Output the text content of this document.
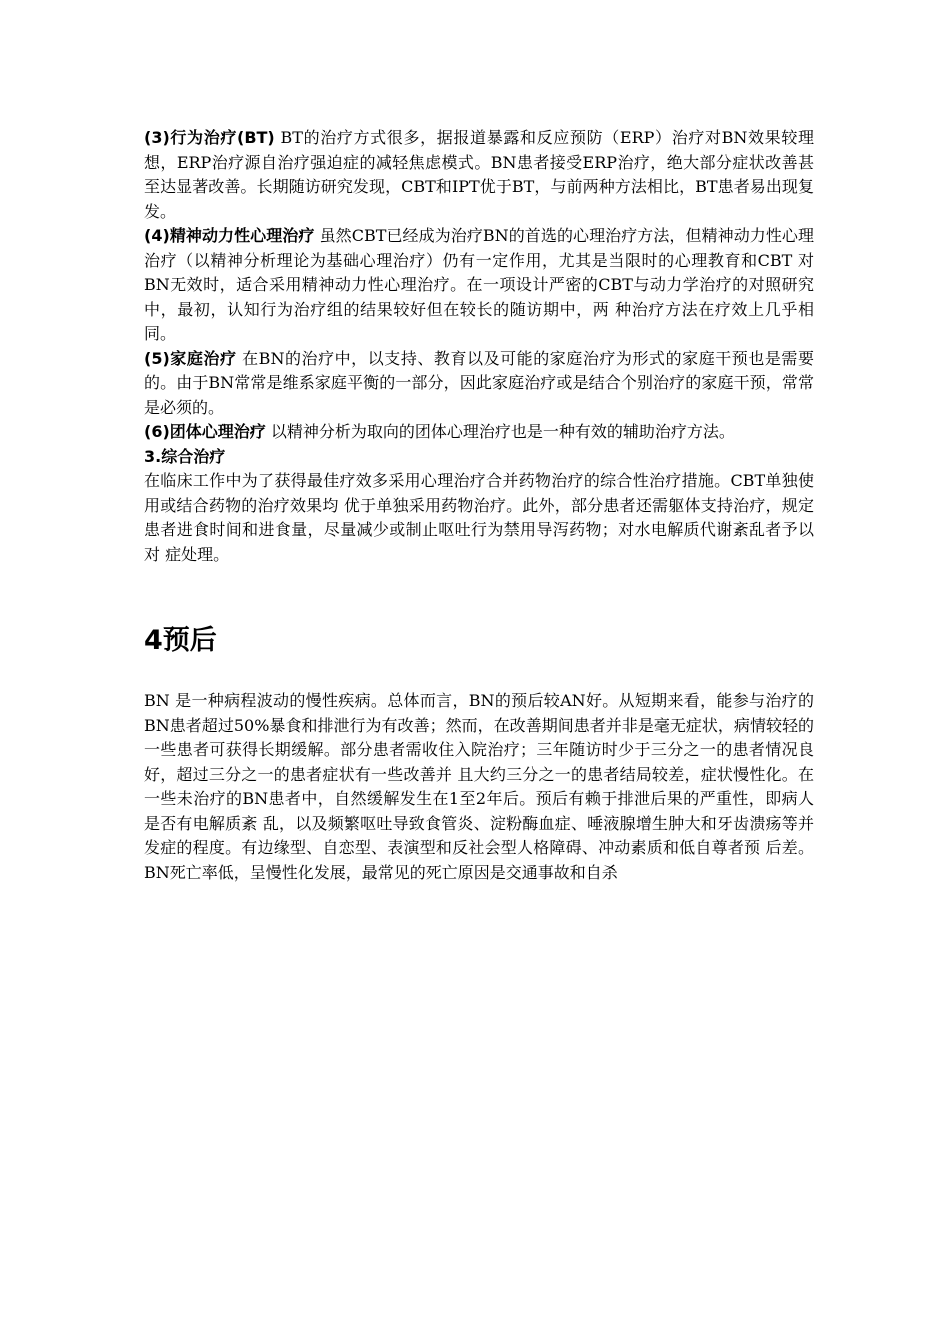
(3)行为治疗(BT) BT的治疗方式很多，据报道暴露和反应预防（ERP）治疗对BN效果较理想，ERP治疗源自治疗强迫症的减轻焦虑模式。BN患者接受ERP治疗，绝大部分症状改善甚至达显著改善。长期随访研究发现，CBT和IPT优于BT，与前两种方法相比，BT患者易出现复发。

(4)精神动力性心理治疗 虽然CBT已经成为治疗BN的首选的心理治疗方法，但精神动力性心理治疗（以精神分析理论为基础心理治疗）仍有一定作用，尤其是当限时的心理教育和CBT 对BN无效时，适合采用精神动力性心理治疗。在一项设计严密的CBT与动力学治疗的对照研究中，最初，认知行为治疗组的结果较好但在较长的随访期中，两 种治疗方法在疗效上几乎相同。

(5)家庭治疗 在BN的治疗中，以支持、教育以及可能的家庭治疗为形式的家庭干预也是需要的。由于BN常常是维系家庭平衡的一部分，因此家庭治疗或是结合个别治疗的家庭干预，常常是必须的。

(6)团体心理治疗 以精神分析为取向的团体心理治疗也是一种有效的辅助治疗方法。

3.综合治疗

在临床工作中为了获得最佳疗效多采用心理治疗合并药物治疗的综合性治疗措施。CBT单独使用或结合药物的治疗效果均 优于单独采用药物治疗。此外，部分患者还需躯体支持治疗，规定患者进食时间和进食量，尽量减少或制止呕吐行为禁用导泻药物；对水电解质代谢紊乱者予以对 症处理。

4预后

BN 是一种病程波动的慢性疾病。总体而言，BN的预后较AN好。从短期来看，能参与治疗的BN患者超过50%暴食和排泄行为有改善；然而，在改善期间患者并非是毫无症状，病情较轻的一些患者可获得长期缓解。部分患者需收住入院治疗；三年随访时少于三分之一的患者情况良好，超过三分之一的患者症状有一些改善并 且大约三分之一的患者结局较差，症状慢性化。在一些未治疗的BN患者中，自然缓解发生在1至2年后。预后有赖于排泄后果的严重性，即病人是否有电解质紊 乱，以及频繁呕吐导致食管炎、淀粉酶血症、唾液腺增生肿大和牙齿溃疡等并发症的程度。有边缘型、自恋型、表演型和反社会型人格障碍、冲动素质和低自尊者预 后差。BN死亡率低，呈慢性化发展，最常见的死亡原因是交通事故和自杀
